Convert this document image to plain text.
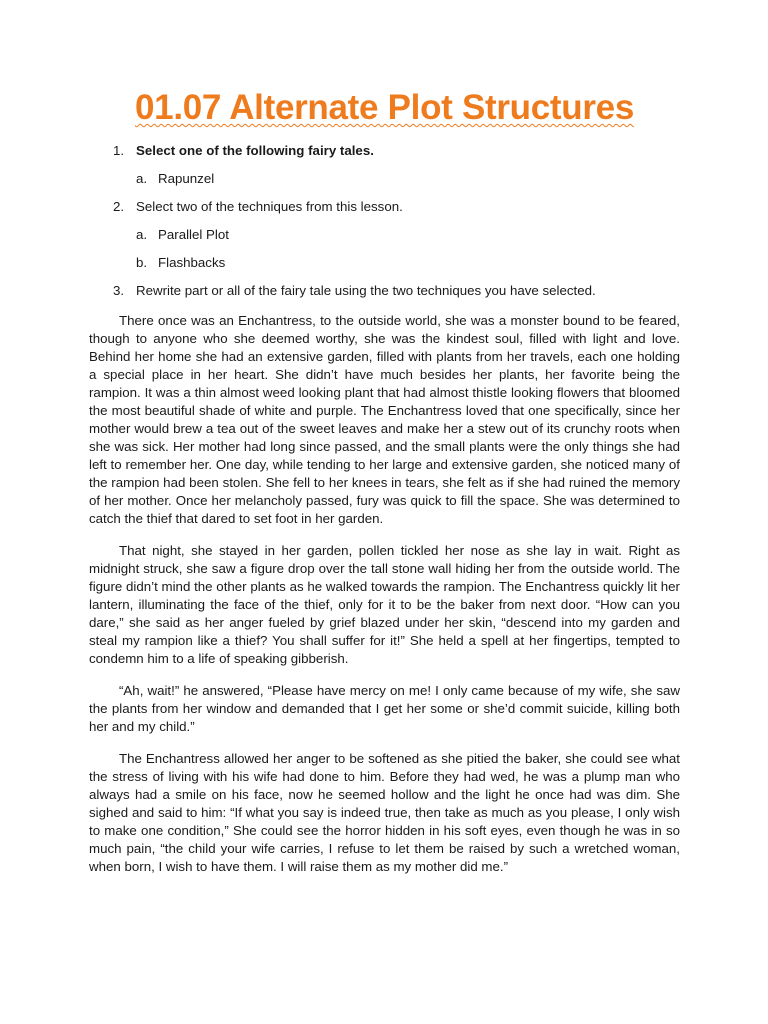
01.07 Alternate Plot Structures
1. Select one of the following fairy tales.
a. Rapunzel
2. Select two of the techniques from this lesson.
a. Parallel Plot
b. Flashbacks
3. Rewrite part or all of the fairy tale using the two techniques you have selected.

There once was an Enchantress, to the outside world, she was a monster bound to be feared, though to anyone who she deemed worthy, she was the kindest soul, filled with light and love. Behind her home she had an extensive garden, filled with plants from her travels, each one holding a special place in her heart. She didn’t have much besides her plants, her favorite being the rampion. It was a thin almost weed looking plant that had almost thistle looking flowers that bloomed the most beautiful shade of white and purple. The Enchantress loved that one specifically, since her mother would brew a tea out of the sweet leaves and make her a stew out of its crunchy roots when she was sick. Her mother had long since passed, and the small plants were the only things she had left to remember her. One day, while tending to her large and extensive garden, she noticed many of the rampion had been stolen. She fell to her knees in tears, she felt as if she had ruined the memory of her mother. Once her melancholy passed, fury was quick to fill the space. She was determined to catch the thief that dared to set foot in her garden.

That night, she stayed in her garden, pollen tickled her nose as she lay in wait. Right as midnight struck, she saw a figure drop over the tall stone wall hiding her from the outside world. The figure didn’t mind the other plants as he walked towards the rampion. The Enchantress quickly lit her lantern, illuminating the face of the thief, only for it to be the baker from next door. “How can you dare,” she said as her anger fueled by grief blazed under her skin, “descend into my garden and steal my rampion like a thief? You shall suffer for it!” She held a spell at her fingertips, tempted to condemn him to a life of speaking gibberish.

“Ah, wait!” he answered, “Please have mercy on me! I only came because of my wife, she saw the plants from her window and demanded that I get her some or she’d commit suicide, killing both her and my child.”

The Enchantress allowed her anger to be softened as she pitied the baker, she could see what the stress of living with his wife had done to him. Before they had wed, he was a plump man who always had a smile on his face, now he seemed hollow and the light he once had was dim. She sighed and said to him: “If what you say is indeed true, then take as much as you please, I only wish to make one condition,” She could see the horror hidden in his soft eyes, even though he was in so much pain, “the child your wife carries, I refuse to let them be raised by such a wretched woman, when born, I wish to have them. I will raise them as my mother did me.”
